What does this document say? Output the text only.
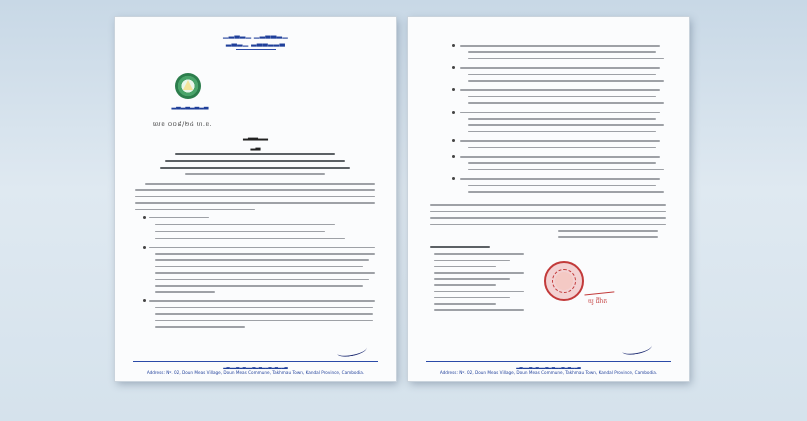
▁▂▃▂▁ ▁▂▃▃▂▁
▂▃▂▁ ▂▃▃▂▂▃
▂▃▂▃▂▃▂▃
លេខ ០០៨/២៤ ហ.ខ.
▂▃▃▂▂
▂▃
▂▃▂▂▃▂▃▂▂▃▂▃▂▂▃▂▃▂▂▃
Address: Nº. 02, Doun Meas Village, Doun Meas Commune, Takhmau Town, Kandal Province, Cambodia.
យូ ជីវ៉ាត
▂▃▂▂▃▂▃▂▂▃▂▃▂▂▃▂▃▂▂▃
Address: Nº. 02, Doun Meas Village, Doun Meas Commune, Takhmau Town, Kandal Province, Cambodia.
